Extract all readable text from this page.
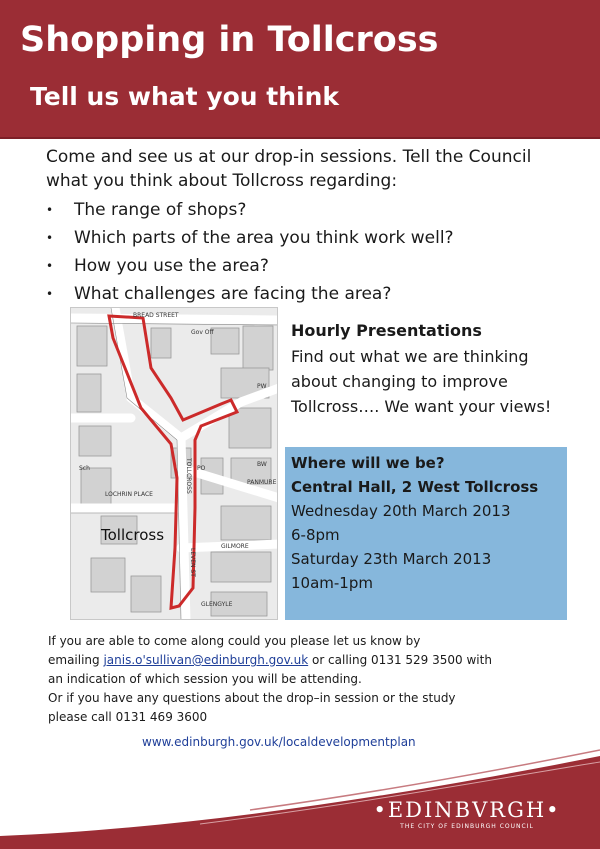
Shopping in Tollcross
Tell us what you think

Come and see us at our drop-in sessions. Tell the Council what you think about Tollcross regarding:

• The range of shops?
• Which parts of the area you think work well?
• How you use the area?
• What challenges are facing the area?
BREAD STREET
Gov Off
TOLLCROSS
Sch	PO
LOCHRIN PLACE
PANMURE
BW
PW
LEVEN ST
GILMORE
GLENGYLE
Tollcross
Hourly Presentations

Find out what we are thinking about changing to improve Tollcross…. We want your views!

Where will we be?
Central Hall, 2 West Tollcross
Wednesday 20th March 2013
6-8pm
Saturday 23th March 2013
10am-1pm
If you are able to come along could you please let us know by
emailing janis.o'sullivan@edinburgh.gov.uk or calling 0131 529 3500 with
an indication of which session you will be attending.
Or if you have any questions about the drop–in session or the study
please call 0131 469 3600
www.edinburgh.gov.uk/localdevelopmentplan
•EDINBVRGH•
THE CITY OF EDINBURGH COUNCIL
